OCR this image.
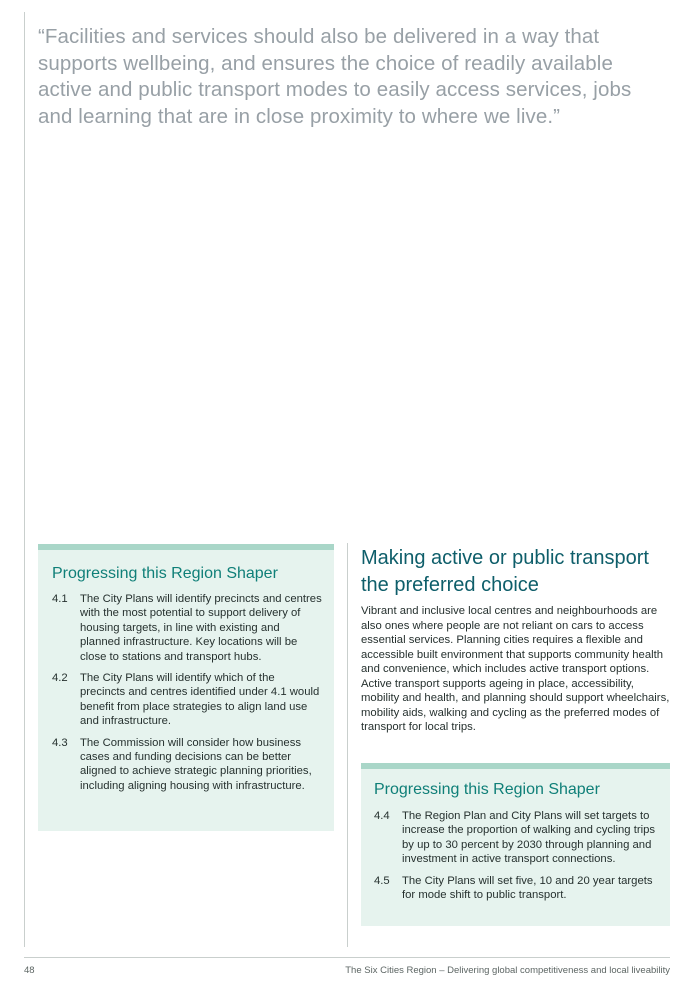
“Facilities and services should also be delivered in a way that supports wellbeing, and ensures the choice of readily available active and public transport modes to easily access services, jobs and learning that are in close proximity to where we live.”

Progressing this Region Shaper
4.1	The City Plans will identify precincts and centres with the most potential to support delivery of housing targets, in line with existing and planned infrastructure. Key locations will be close to stations and transport hubs.
4.2	The City Plans will identify which of the precincts and centres identified under 4.1 would benefit from place strategies to align land use and infrastructure.
4.3	The Commission will consider how business cases and funding decisions can be better aligned to achieve strategic planning priorities, including aligning housing with infrastructure.
Making active or public transport the preferred choice

Vibrant and inclusive local centres and neighbourhoods are also ones where people are not reliant on cars to access essential services. Planning cities requires a flexible and accessible built environment that supports community health and convenience, which includes active transport options. Active transport supports ageing in place, accessibility, mobility and health, and planning should support wheelchairs, mobility aids, walking and cycling as the preferred modes of transport for local trips.

Progressing this Region Shaper
4.4	The Region Plan and City Plans will set targets to increase the proportion of walking and cycling trips by up to 30 percent by 2030 through planning and investment in active transport connections.
4.5	The City Plans will set five, 10 and 20 year targets for mode shift to public transport.
48	The Six Cities Region – Delivering global competitiveness and local liveability
